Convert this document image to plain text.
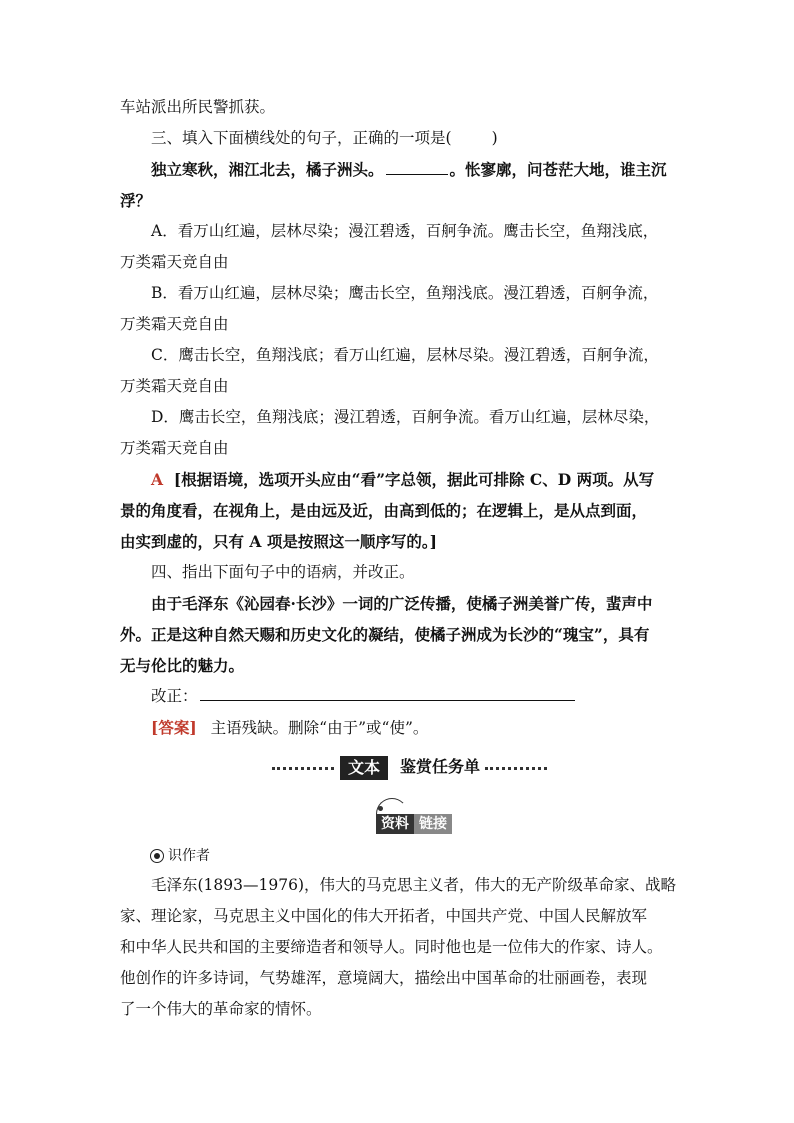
车站派出所民警抓获。
三、填入下面横线处的句子，正确的一项是(	)
独立寒秋，湘江北去，橘子洲头。	。怅寥廓，问苍茫大地，谁主沉
浮？
A．看万山红遍，层林尽染；漫江碧透，百舸争流。鹰击长空，鱼翔浅底，
万类霜天竞自由
B．看万山红遍，层林尽染；鹰击长空，鱼翔浅底。漫江碧透，百舸争流，
万类霜天竞自由
C．鹰击长空，鱼翔浅底；看万山红遍，层林尽染。漫江碧透，百舸争流，
万类霜天竞自由
D．鹰击长空，鱼翔浅底；漫江碧透，百舸争流。看万山红遍，层林尽染，
万类霜天竞自由
A [根据语境，选项开头应由“看”字总领，据此可排除 C、D 两项。从写
景的角度看，在视角上，是由远及近，由高到低的；在逻辑上，是从点到面，
由实到虚的，只有 A 项是按照这一顺序写的。]
四、指出下面句子中的语病，并改正。
由于毛泽东《沁园春·长沙》一词的广泛传播，使橘子洲美誉广传，蜚声中
外。正是这种自然天赐和历史文化的凝结，使橘子洲成为长沙的“瑰宝”，具有
无与伦比的魅力。
改正：
[答案] 主语残缺。删除“由于”或“使”。
文本	鉴赏任务单
资料 链接
识作者
毛泽东(1893—1976)，伟大的马克思主义者，伟大的无产阶级革命家、战略
家、理论家，马克思主义中国化的伟大开拓者，中国共产党、中国人民解放军
和中华人民共和国的主要缔造者和领导人。同时他也是一位伟大的作家、诗人。
他创作的许多诗词，气势雄浑，意境阔大，描绘出中国革命的壮丽画卷，表现
了一个伟大的革命家的情怀。
